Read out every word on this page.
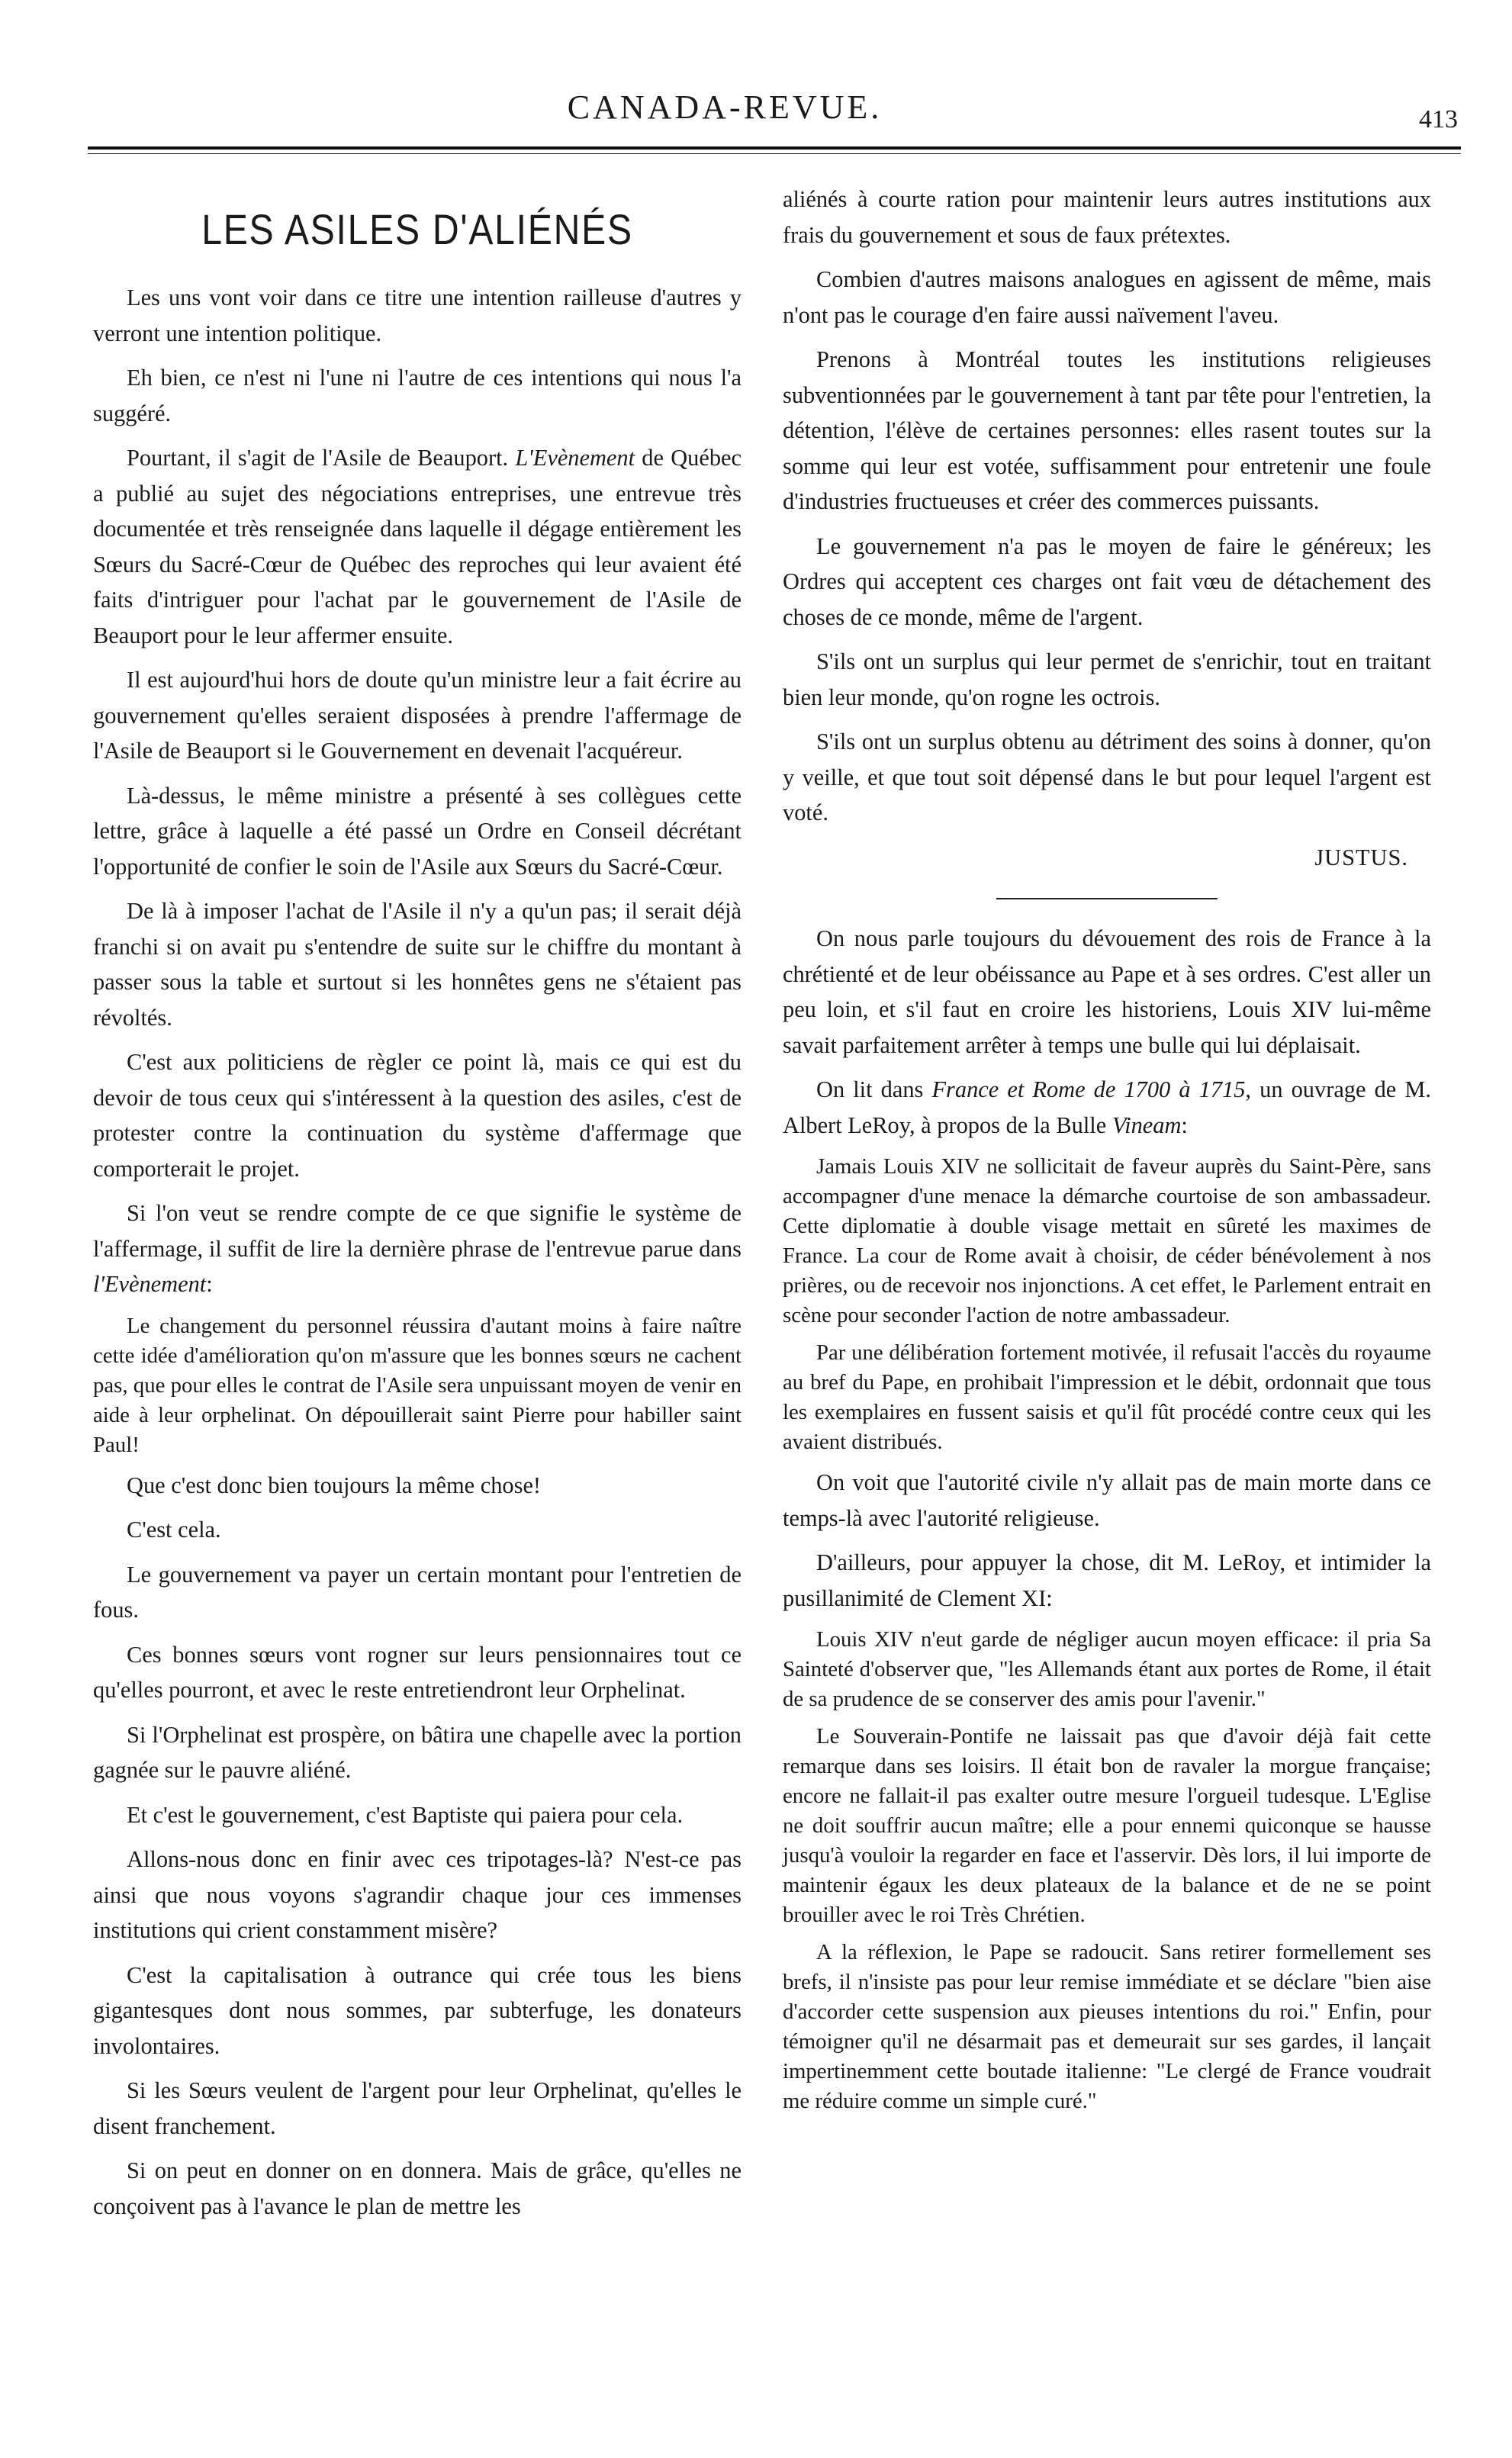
CANADA-REVUE.	413
LES ASILES D'ALIÉNÉS

Les uns vont voir dans ce titre une intention railleuse d'autres y verront une intention politique.

Eh bien, ce n'est ni l'une ni l'autre de ces intentions qui nous l'a suggéré.

Pourtant, il s'agit de l'Asile de Beauport. L'Evènement de Québec a publié au sujet des négociations entreprises, une entrevue très documentée et très renseignée dans laquelle il dégage entièrement les Sœurs du Sacré-Cœur de Québec des reproches qui leur avaient été faits d'intriguer pour l'achat par le gouvernement de l'Asile de Beauport pour le leur affermer ensuite.

Il est aujourd'hui hors de doute qu'un ministre leur a fait écrire au gouvernement qu'elles seraient disposées à prendre l'affermage de l'Asile de Beauport si le Gouvernement en devenait l'acquéreur.

Là-dessus, le même ministre a présenté à ses collègues cette lettre, grâce à laquelle a été passé un Ordre en Conseil décrétant l'opportunité de confier le soin de l'Asile aux Sœurs du Sacré-Cœur.

De là à imposer l'achat de l'Asile il n'y a qu'un pas; il serait déjà franchi si on avait pu s'entendre de suite sur le chiffre du montant à passer sous la table et surtout si les honnêtes gens ne s'étaient pas révoltés.

C'est aux politiciens de règler ce point là, mais ce qui est du devoir de tous ceux qui s'intéressent à la question des asiles, c'est de protester contre la continuation du système d'affermage que comporterait le projet.

Si l'on veut se rendre compte de ce que signifie le système de l'affermage, il suffit de lire la dernière phrase de l'entrevue parue dans l'Evènement:

Le changement du personnel réussira d'autant moins à faire naître cette idée d'amélioration qu'on m'assure que les bonnes sœurs ne cachent pas, que pour elles le contrat de l'Asile sera unpuissant moyen de venir en aide à leur orphelinat. On dépouillerait saint Pierre pour habiller saint Paul!

Que c'est donc bien toujours la même chose!

C'est cela.

Le gouvernement va payer un certain montant pour l'entretien de fous.

Ces bonnes sœurs vont rogner sur leurs pensionnaires tout ce qu'elles pourront, et avec le reste entretiendront leur Orphelinat.

Si l'Orphelinat est prospère, on bâtira une chapelle avec la portion gagnée sur le pauvre aliéné.

Et c'est le gouvernement, c'est Baptiste qui paiera pour cela.

Allons-nous donc en finir avec ces tripotages-là? N'est-ce pas ainsi que nous voyons s'agrandir chaque jour ces immenses institutions qui crient constamment misère?

C'est la capitalisation à outrance qui crée tous les biens gigantesques dont nous sommes, par subterfuge, les donateurs involontaires.

Si les Sœurs veulent de l'argent pour leur Orphelinat, qu'elles le disent franchement.

Si on peut en donner on en donnera. Mais de grâce, qu'elles ne conçoivent pas à l'avance le plan de mettre les

aliénés à courte ration pour maintenir leurs autres institutions aux frais du gouvernement et sous de faux prétextes.

Combien d'autres maisons analogues en agissent de même, mais n'ont pas le courage d'en faire aussi naïvement l'aveu.

Prenons à Montréal toutes les institutions religieuses subventionnées par le gouvernement à tant par tête pour l'entretien, la détention, l'élève de certaines personnes: elles rasent toutes sur la somme qui leur est votée, suffisamment pour entretenir une foule d'industries fructueuses et créer des commerces puissants.

Le gouvernement n'a pas le moyen de faire le généreux; les Ordres qui acceptent ces charges ont fait vœu de détachement des choses de ce monde, même de l'argent.

S'ils ont un surplus qui leur permet de s'enrichir, tout en traitant bien leur monde, qu'on rogne les octrois.

S'ils ont un surplus obtenu au détriment des soins à donner, qu'on y veille, et que tout soit dépensé dans le but pour lequel l'argent est voté.

JUSTUS.

On nous parle toujours du dévouement des rois de France à la chrétienté et de leur obéissance au Pape et à ses ordres. C'est aller un peu loin, et s'il faut en croire les historiens, Louis XIV lui-même savait parfaitement arrêter à temps une bulle qui lui déplaisait.

On lit dans France et Rome de 1700 à 1715, un ouvrage de M. Albert LeRoy, à propos de la Bulle Vineam:

Jamais Louis XIV ne sollicitait de faveur auprès du Saint-Père, sans accompagner d'une menace la démarche courtoise de son ambassadeur. Cette diplomatie à double visage mettait en sûreté les maximes de France. La cour de Rome avait à choisir, de céder bénévolement à nos prières, ou de recevoir nos injonctions. A cet effet, le Parlement entrait en scène pour seconder l'action de notre ambassadeur.

Par une délibération fortement motivée, il refusait l'accès du royaume au bref du Pape, en prohibait l'impression et le débit, ordonnait que tous les exemplaires en fussent saisis et qu'il fût procédé contre ceux qui les avaient distribués.

On voit que l'autorité civile n'y allait pas de main morte dans ce temps-là avec l'autorité religieuse.

D'ailleurs, pour appuyer la chose, dit M. LeRoy, et intimider la pusillanimité de Clement XI:

Louis XIV n'eut garde de négliger aucun moyen efficace: il pria Sa Sainteté d'observer que, "les Allemands étant aux portes de Rome, il était de sa prudence de se conserver des amis pour l'avenir."

Le Souverain-Pontife ne laissait pas que d'avoir déjà fait cette remarque dans ses loisirs. Il était bon de ravaler la morgue française; encore ne fallait-il pas exalter outre mesure l'orgueil tudesque. L'Eglise ne doit souffrir aucun maître; elle a pour ennemi quiconque se hausse jusqu'à vouloir la regarder en face et l'asservir. Dès lors, il lui importe de maintenir égaux les deux plateaux de la balance et de ne se point brouiller avec le roi Très Chrétien.

A la réflexion, le Pape se radoucit. Sans retirer formellement ses brefs, il n'insiste pas pour leur remise immédiate et se déclare "bien aise d'accorder cette suspension aux pieuses intentions du roi." Enfin, pour témoigner qu'il ne désarmait pas et demeurait sur ses gardes, il lançait impertinemment cette boutade italienne: "Le clergé de France voudrait me réduire comme un simple curé."
